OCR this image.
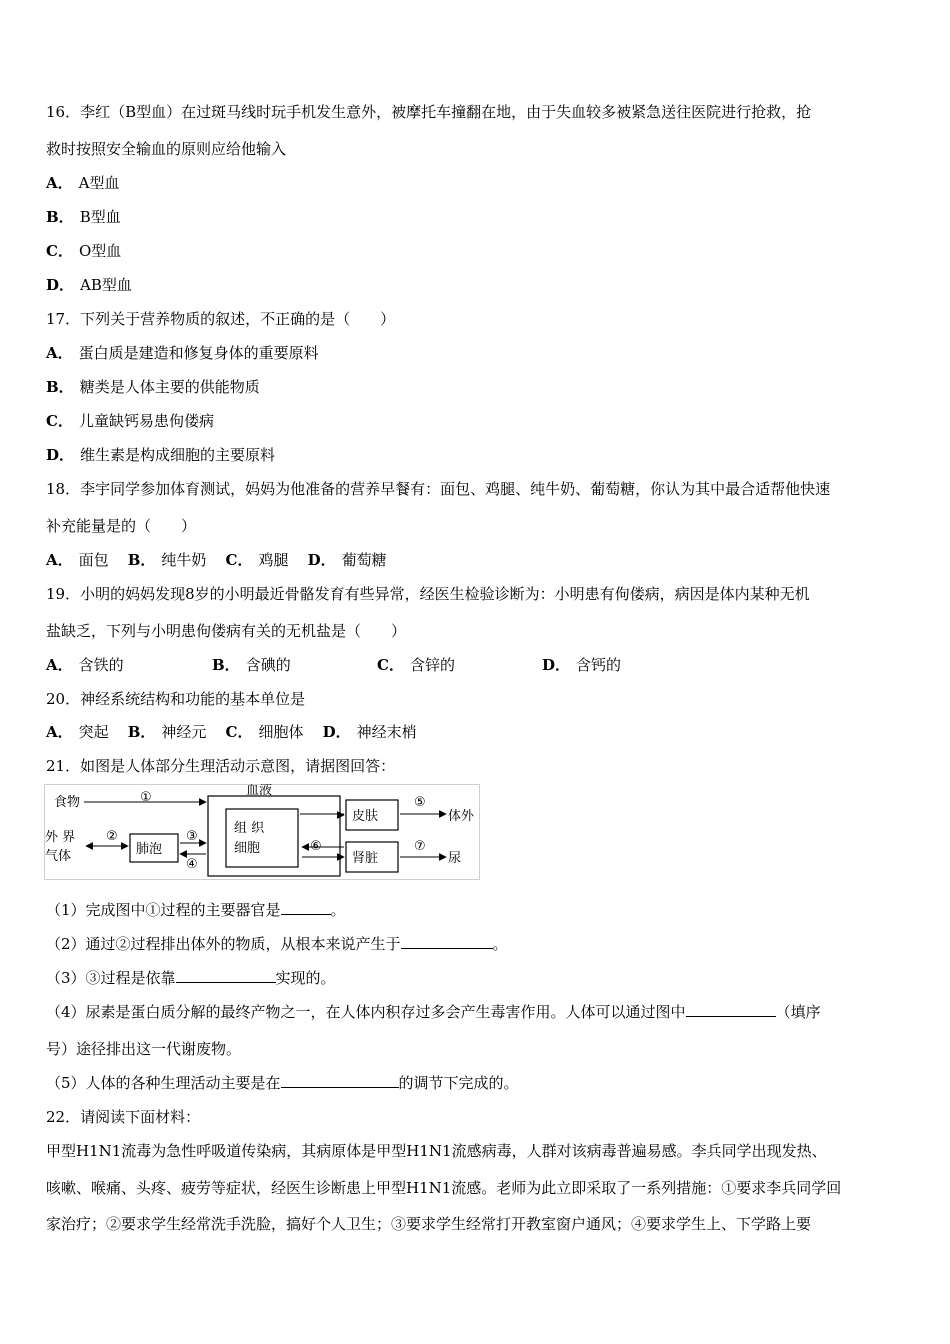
16．李红（B型血）在过斑马线时玩手机发生意外，被摩托车撞翻在地，由于失血较多被紧急送往医院进行抢救，抢
救时按照安全输血的原则应给他输入
A． A型血
B． B型血
C． O型血
D． AB型血
17．下列关于营养物质的叙述，不正确的是（　　）
A． 蛋白质是建造和修复身体的重要原料
B． 糖类是人体主要的供能物质
C． 儿童缺钙易患佝偻病
D． 维生素是构成细胞的主要原料
18．李宇同学参加体育测试，妈妈为他准备的营养早餐有：面包、鸡腿、纯牛奶、葡萄糖，你认为其中最合适帮他快速
补充能量是的（　　）
A． 面包 B． 纯牛奶 C． 鸡腿 D． 葡萄糖
19．小明的妈妈发现8岁的小明最近骨骼发育有些异常，经医生检验诊断为：小明患有佝偻病，病因是体内某种无机
盐缺乏，下列与小明患佝偻病有关的无机盐是（　　）
A． 含铁的	B． 含碘的	C． 含锌的	D． 含钙的
20．神经系统结构和功能的基本单位是
A． 突起 B． 神经元 C． 细胞体 D． 神经末梢
21．如图是人体部分生理活动示意图，请据图回答：
食物	①
外 界
气体
②
肺泡
③
④
血液
组 织
细胞
皮肤
肾脏
⑥
⑤
⑦
体外
尿
（1）完成图中①过程的主要器官是	。
（2）通过②过程排出体外的物质，从根本来说产生于	。
（3）③过程是依靠	实现的。
（4）尿素是蛋白质分解的最终产物之一，在人体内积存过多会产生毒害作用。人体可以通过图中	（填序
号）途径排出这一代谢废物。
（5）人体的各种生理活动主要是在	的调节下完成的。
22．请阅读下面材料：
甲型H1N1流毒为急性呼吸道传染病，其病原体是甲型H1N1流感病毒，人群对该病毒普遍易感。李兵同学出现发热、
咳嗽、喉痛、头疼、疲劳等症状，经医生诊断患上甲型H1N1流感。老师为此立即采取了一系列措施：①要求李兵同学回
家治疗；②要求学生经常洗手洗脸，搞好个人卫生；③要求学生经常打开教室窗户通风；④要求学生上、下学路上要
